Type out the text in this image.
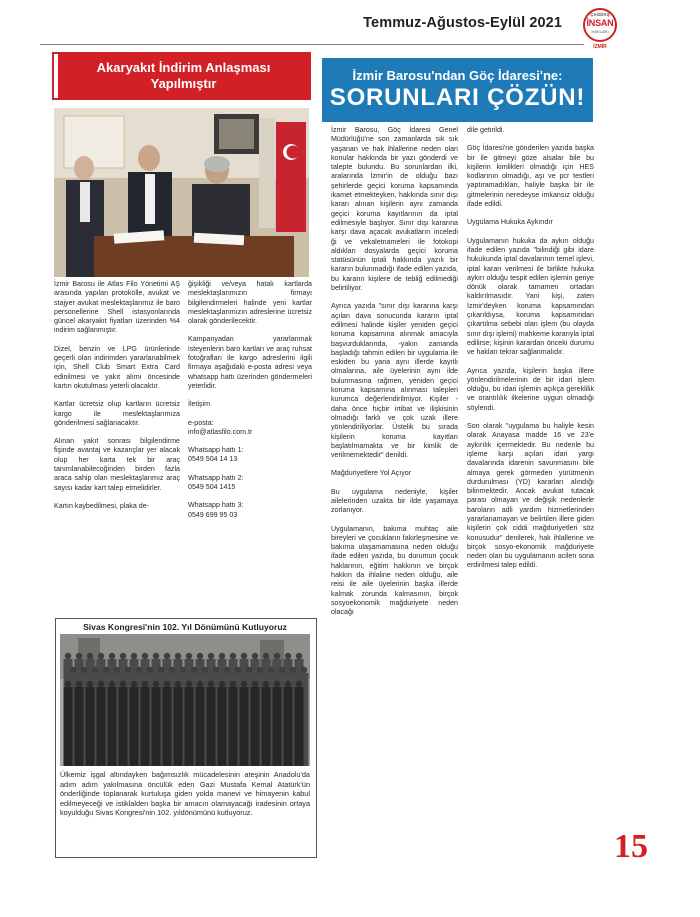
Temmuz-Ağustos-Eylül 2021
ÇAĞDAŞ
İNSAN
HAKLARI
İZMİR
Akaryakıt İndirim Anlaşması
Yapılmıştır
İzmir Barosu'ndan Göç İdaresi'ne:
SORUNLARI ÇÖZÜN!

İzmir Barosu ile Atlas Filo Yönetimi AŞ arasında yapılan protokolle, avukat ve stajyer avukat meslektaşlarımız ile baro personellerine Shell istasyonlarında güncel akaryakıt fiyatları üzerinden %4 indirim sağlanmıştır.

Dizel, benzin ve LPG ürünlerinde geçerli olan indirimden yararlanabilmek için, Shell Club Smart Extra Card edinilmesi ve yakıt alımı öncesinde kartın okutulması yeterli olacaktır.

Kartlar ücretsiz olup kartların ücretsiz kargo ile meslektaşlarımıza gönderilmesi sağlanacaktır.

Alınan yakıt sonrası bilgilendirme fişinde avantaj ve kazançlar yer alacak olup her karta tek bir araç tanımlanabilecoğinden birden fazla araca sahip olan meslektaşlarımız araç sayısı kadar kart talep etmelidirler.

Kartın kaybedilmesi, plaka de-

ğişikliği ve/veya hatalı kartlarda meslektaşlarımızın firmayı bilgilendirmeleri halinde yeni kartlar meslektaşlarımızın adreslerine ücretsiz olarak gönderilecektir.

Kampanyadan yararlanmak isteyenlerin baro kartları ve araç ruhsat fotoğrafları ile kargo adreslerini ilgili firmaya aşağıdaki e-posta adresi veya whatsapp hattı üzerinden göndermeleri yeterlidir.

İletişim

e-posta:
info@atlasfilo.com.tr

Whatsapp hattı 1:
0549 504 14 13

Whatsapp hattı 2:
0549 504 1415

Whatsapp hattı 3:
0549 699 95 03

Sivas Kongresi'nin 102. Yıl Dönümünü Kutluyoruz
Ülkemiz işgal altındayken bağımsızlık mücadelesinin ateşinin Anadolu'da adım adım yakılmasına öncülük eden Gazi Mustafa Kemal Atatürk'ün önderliğinde toplanarak kurtuluşa giden yolda manevi ve himayenin kabul edilmeyeceği ve istiklalden başka bir amacın olamayacağı iradesinin ortaya koyulduğu Sivas Kongresi'nin 102. yıldönümünü kutluyoruz.

İzmir Barosu, Göç İdaresi Genel Müdürlüğü'ne son zamanlarda sık sık yaşanan ve hak ihlallerine neden olan konular hakkında bir yazı gönderdi ve talepte bulundu. Bu sorunlardan ilki, aralarında İzmir'in de olduğu bazı şehirlerde geçici koruma kapsamında ikamet etmekteyken, hakkında sınır dışı kararı alınan kişilerin aynı zamanda geçici koruma kayıtlarının da iptal edilmesiyle başlıyor. Sınır dışı kararına karşı dava açacak avukatların inceledi ği ve vekaletnameleri ile fotokopi aldıkları dosyalarda geçici koruma statüsünün iptali hakkında yazılı bir kararın bulunmadığı ifade edilen yazıda, bu kararın kişilere de tebliğ edilmediği belirtiliyor.

Ayrıca yazıda "sınır dışı kararına karşı açılan dava sonucunda kararın iptal edilmesi halinde kişiler yeniden geçici koruma kapsamına alınmak amacıyla başvurduklarında, -yakın zamanda başladığı tahmin edilen bir uygulama ile eskiden bu yana aynı illerde kayıtlı olmalarına, aile üyelerinin aynı ilde bulunmasına rağmen, yeniden geçici koruma kapsamına alınması talepleri kurumca değerlendirilmiyor. Kişiler -daha önce hiçbir irtibat ve ilişkisinin olmadığı farklı ve çok uzak illere yönlendiriliyorlar. Üstelik bu sırada kişilerin koruma kayıtları başlatılmamakta ve bir kimlik de verilmemektedir" denildi.

Mağduriyetlere Yol Açıyor

Bu uygulama nedeniyle, kişiler ailelerinden uzakta bir ilde yaşamaya zorlanıyor.

Uygulamanın, bakıma muhtaç aile bireyleri ve çocukların fakirleşmesine ve bakıma ulaşamamasına neden olduğu ifade edilen yazıda, bu durumun çocuk haklarının, eğitim hakkının ve birçok hakkın da ihlaline neden olduğu, aile reisi ile aile üyelerinin başka illerde kalmak zorunda kalmasının, birçok sosyoekonomik mağduriyete neden olacağı

dile getirildi.

Göç İdaresi'ne gönderilen yazıda başka bir ile gitmeyi göze alsalar bile bu kişilerin kimlikleri olmadığı için HES kodlarının olmadığı, aşı ve pcr testleri yaptıramadıkları, haliyle başka bir ile gitmelerinin neredeyse imkansız olduğu ifade edildi.

Uygulama Hukuka Aykırıdır

Uygulamanın hukuka da aykırı olduğu ifade edilen yazıda "bilindiği gibi idare hukukunda iptal davalarının temel işlevi, iptal kararı verilmesi ile birlikte hukuka aykırı olduğu tespit edilen işlemin geriye dönük olarak tamamen ortadan kaldırılmasıdır. Yani kişi, zaten İzmir'deyken koruma kapsamından çıkarıldıysa, koruma kapsamından çıkartılma sebebi olan işlem (bu olayda sınır dışı işlemi) mahkeme kararıyla iptal edilirse; kişinin karardan önceki durumu ve hakları tekrar sağlanmalıdır.

Ayrıca yazıda, kişilerin başka illere yönlendirilmelerinin de bir idari işlem olduğu, bu idari işlemin açıkça gereklilik ve orantılılık ilkelerine uygun olmadığı söylendi.

Son olarak "uygulama bu haliyle kesin olarak Anayasa madde 16 ve 23'e aykırılık içermektedir. Bu nedenle bu işleme karşı açılan idari yargı davalarında idarenin savunmasını bile almaya gerek görmeden yürütmenin durdurulması (YD) kararları alındığı bilinmektedir. Ancak avukat tutacak parası olmayan ve değişik nedenlerle baroların adli yardım hizmetlerinden yararlanamayan ve belirtilen illere giden kişilerin çok ciddi mağduriyetleri söz konusudur" denilerek, hak ihlallerine ve birçok sosyo-ekonomik mağduriyete neden olan bu uygulamanın acilen sona erdirilmesi talep edildi.

15
